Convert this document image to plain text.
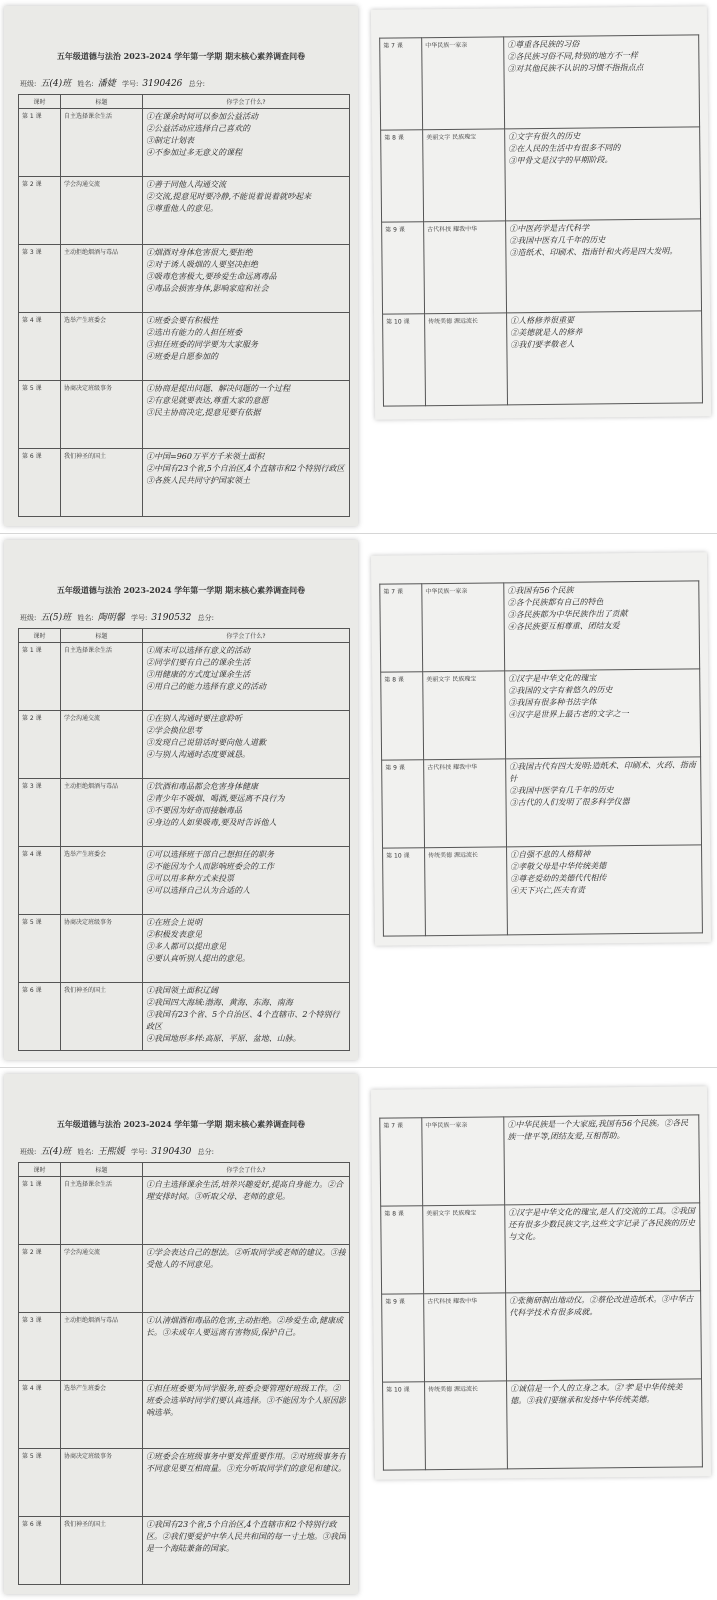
五年级道德与法治 2023-2024 学年第一学期 期末核心素养调查问卷
班级: 五(4)班 姓名: 潘婕 学号: 3190426 总分:
课时	标题	你学会了什么?
第 1 课	自主选择课余生活	①在课余时间可以参加公益活动
②公益活动应选择自己喜欢的
③制定计划表
④不参加过多无意义的课程

第 2 课	学会沟通交流	①善于同他人沟通交流
②交流,提意见时要冷静,不能说着说着就吵起来
③尊重他人的意见。

第 3 课	主动拒绝烟酒与毒品	①烟酒对身体危害很大,要拒绝
②对于诱人吸烟的人要坚决拒绝
③吸毒危害极大,要珍爱生命远离毒品
④毒品会损害身体,影响家庭和社会

第 4 课	选举产生班委会	①班委会要有积极性
②选出有能力的人担任班委
③担任班委的同学要为大家服务
④班委是自愿参加的

第 5 课	协商决定班级事务	①协商是提出问题、解决问题的一个过程
②有意见就要表达,尊重大家的意愿
③民主协商决定,提意见要有依据

第 6 课	我们神圣的国土	①中国=960万平方千米领土面积
②中国有23个省,5个自治区,4个直辖市和2个特别行政区
③各族人民共同守护国家领土
第 7 课	中华民族一家亲	①尊重各民族的习俗
②各民族习俗不同,特别的地方不一样
③对其他民族不认识的习惯不指指点点

第 8 课	美丽文字 民族瑰宝	①文字有很久的历史
②在人民的生活中有很多不同的
③甲骨文是汉字的早期阶段。

第 9 课	古代科技 耀我中华	①中医药学是古代科学
②我国中医有几千年的历史
③造纸术、印刷术、指南针和火药是四大发明。

第 10 课	传统美德 源远流长	①人格修养很重要
②美德就是人的修养
③我们要孝敬老人
五年级道德与法治 2023-2024 学年第一学期 期末核心素养调查问卷
班级: 五(5)班 姓名: 陶明馨 学号: 3190532 总分:
课时	标题	你学会了什么?
第 1 课	自主选择课余生活	①周末可以选择有意义的活动
②同学们要有自己的课余生活
③用健康的方式度过课余生活
④用自己的能力选择有意义的活动

第 2 课	学会沟通交流	①在别人沟通时要注意聆听
②学会换位思考
③发现自己说错话时要向他人道歉
④与别人沟通时态度要诚恳。

第 3 课	主动拒绝烟酒与毒品	①饮酒和毒品都会危害身体健康
②青少年不吸烟、喝酒,要远离不良行为
③不要因为好奇而接触毒品
④身边的人如果吸毒,要及时告诉他人

第 4 课	选举产生班委会	①可以选择班干部自己想担任的职务
②不能因为个人而影响班委会的工作
③可以用多种方式来投票
④可以选择自己认为合适的人

第 5 课	协商决定班级事务	①在班会上说明
②积极发表意见
③多人都可以提出意见
④要认真听别人提出的意见。

第 6 课	我们神圣的国土	①我国领土面积辽阔
②我国四大海域:渤海、黄海、东海、南海
③我国有23个省、5个自治区、4个直辖市、2个特别行政区
④我国地形多样:高原、平原、盆地、山脉。
第 7 课	中华民族一家亲	①我国有56个民族
②各个民族都有自己的特色
③各民族都为中华民族作出了贡献
④各民族要互相尊重、团结友爱

第 8 课	美丽文字 民族瑰宝	①汉字是中华文化的瑰宝
②我国的文字有着悠久的历史
③我国有很多种书法字体
④汉字是世界上最古老的文字之一

第 9 课	古代科技 耀我中华	①我国古代有四大发明:造纸术、印刷术、火药、指南针
②我国中医学有几千年的历史
③古代的人们发明了很多科学仪器

第 10 课	传统美德 源远流长	①自强不息的人格精神
②孝敬父母是中华传统美德
③尊老爱幼的美德代代相传
④天下兴亡,匹夫有责
五年级道德与法治 2023-2024 学年第一学期 期末核心素养调查问卷
班级: 五(4)班 姓名: 王熙媛 学号: 3190430 总分:
课时	标题	你学会了什么?
第 1 课	自主选择课余生活	①自主选择课余生活,培养兴趣爱好,提高自身能力。②合理安排时间。③听取父母、老师的意见。

第 2 课	学会沟通交流	①学会表达自己的想法。②听取同学或老师的建议。③接受他人的不同意见。

第 3 课	主动拒绝烟酒与毒品	①认清烟酒和毒品的危害,主动拒绝。②珍爱生命,健康成长。③未成年人要远离有害物质,保护自己。

第 4 课	选举产生班委会	①担任班委要为同学服务,班委会要管理好班级工作。②班委会选举时同学们要认真选择。③不能因为个人原因影响选举。

第 5 课	协商决定班级事务	①班委会在班级事务中要发挥重要作用。②对班级事务有不同意见要互相商量。③充分听取同学们的意见和建议。

第 6 课	我们神圣的国土	①我国有23个省,5个自治区,4个直辖市和2个特别行政区。②我们要爱护中华人民共和国的每一寸土地。③我国是一个海陆兼备的国家。
第 7 课	中华民族一家亲	①中华民族是一个大家庭,我国有56个民族。②各民族一律平等,团结友爱,互相帮助。

第 8 课	美丽文字 民族瑰宝	①汉字是中华文化的瑰宝,是人们交流的工具。②我国还有很多少数民族文字,这些文字记录了各民族的历史与文化。

第 9 课	古代科技 耀我中华	①张衡研制出地动仪。②蔡伦改进造纸术。③中华古代科学技术有很多成就。

第 10 课	传统美德 源远流长	①诚信是一个人的立身之本。②'孝'是中华传统美德。③我们要继承和发扬中华传统美德。
